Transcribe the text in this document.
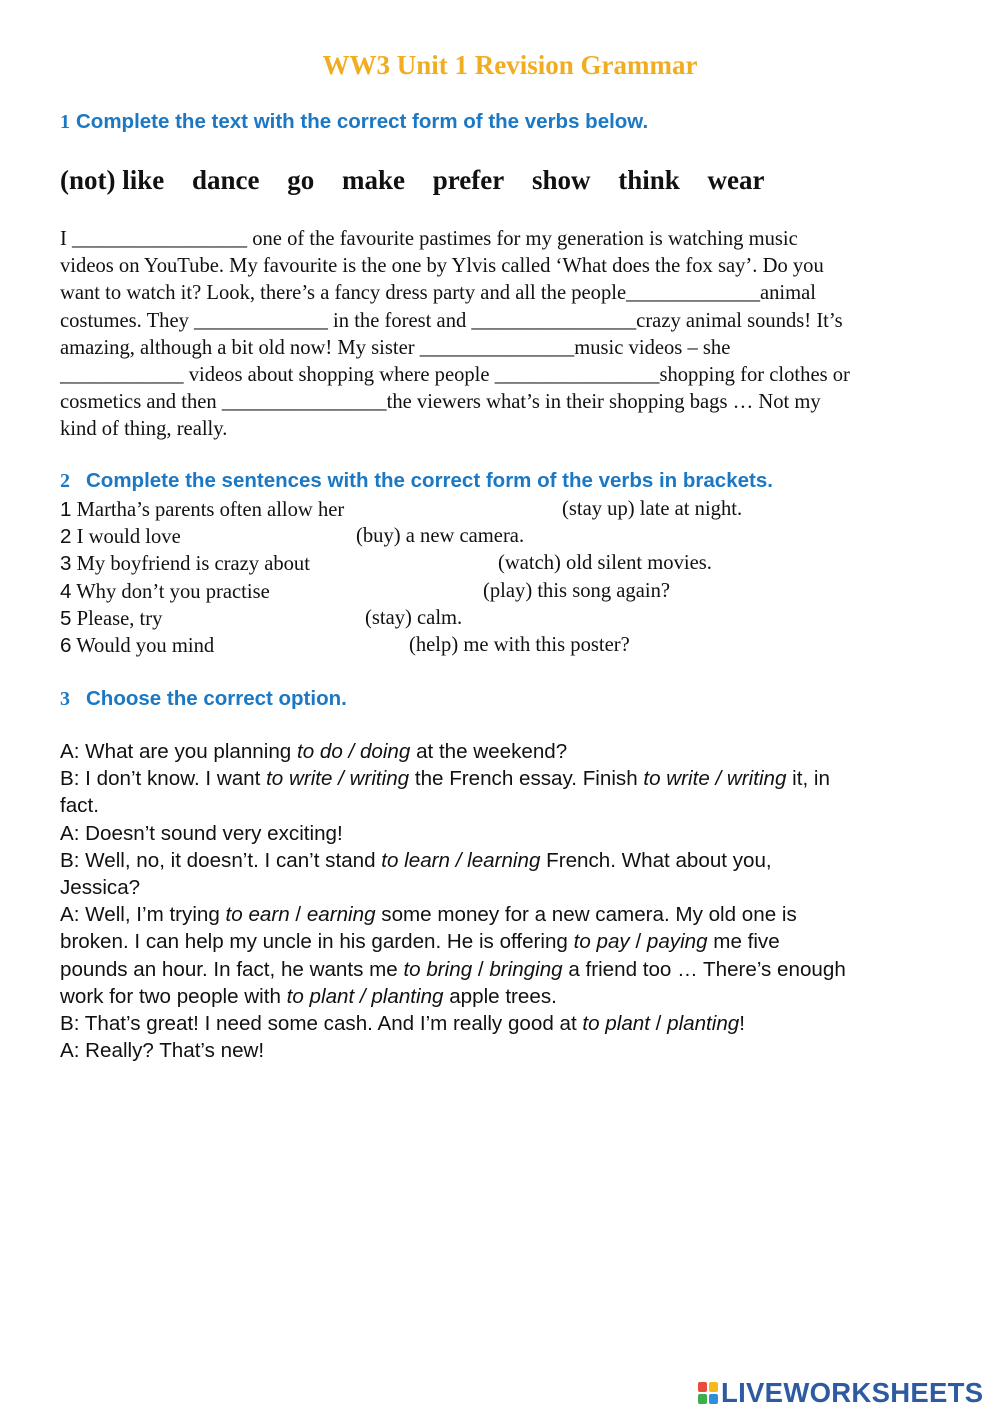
WW3 Unit 1 Revision Grammar

1 Complete the text with the correct form of the verbs below.

(not) like dance go make prefer show think wear

I _________________ one of the favourite pastimes for my generation is watching music
videos on YouTube. My favourite is the one by Ylvis called ‘What does the fox say’. Do you
want to watch it? Look, there’s a fancy dress party and all the people_____________animal
costumes. They _____________ in the forest and ________________crazy animal sounds! It’s
amazing, although a bit old now! My sister _______________music videos – she
____________ videos about shopping where people ________________shopping for clothes or
cosmetics and then ________________the viewers what’s in their shopping bags … Not my
kind of thing, really.

2 Complete the sentences with the correct form of the verbs in brackets.

1 Martha’s parents often allow her	(stay up) late at night.
2 I would love	(buy) a new camera.
3 My boyfriend is crazy about	(watch) old silent movies.
4 Why don’t you practise	(play) this song again?
5 Please, try	(stay) calm.
6 Would you mind	(help) me with this poster?

3 Choose the correct option.

A: What are you planning to do / doing at the weekend?
B: I don’t know. I want to write / writing the French essay. Finish to write / writing it, in
fact.
A: Doesn’t sound very exciting!
B: Well, no, it doesn’t. I can’t stand to learn / learning French. What about you,
Jessica?
A: Well, I’m trying to earn / earning some money for a new camera. My old one is
broken. I can help my uncle in his garden. He is offering to pay / paying me five
pounds an hour. In fact, he wants me to bring / bringing a friend too … There’s enough
work for two people with to plant / planting apple trees.
B: That’s great! I need some cash. And I’m really good at to plant / planting!
A: Really? That’s new!
LIVEWORKSHEETS
